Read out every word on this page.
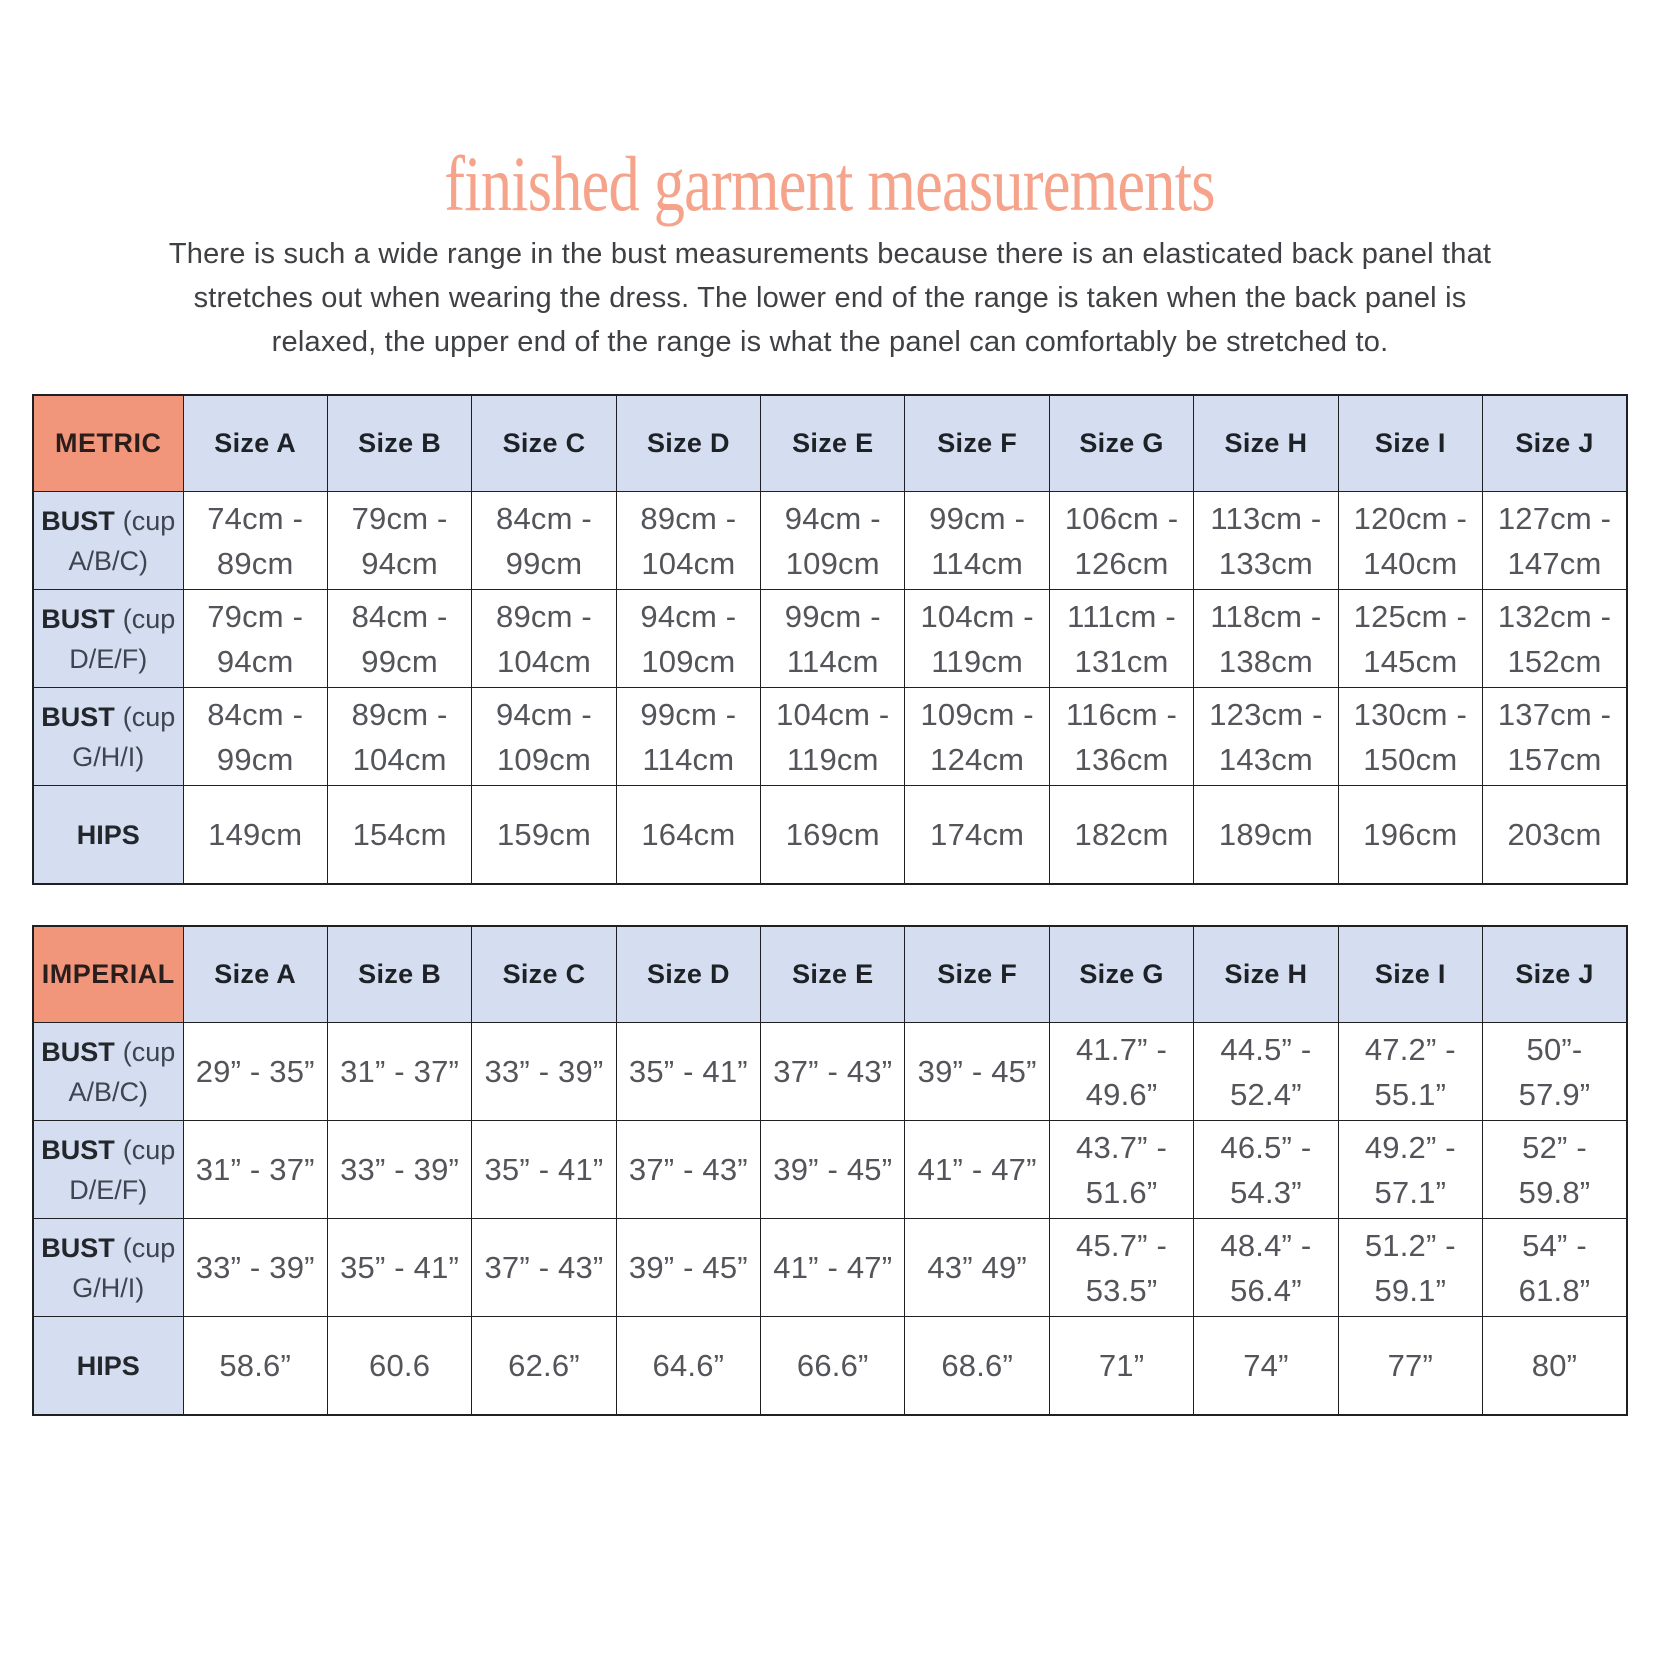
finished garment measurements
There is such a wide range in the bust measurements because there is an elasticated back panel that
stretches out when wearing the dress. The lower end of the range is taken when the back panel is
relaxed, the upper end of the range is what the panel can comfortably be stretched to.
METRIC	Size A	Size B	Size C	Size D	Size E	Size F	Size G	Size H	Size I	Size J
BUST (cup
A/B/C)	74cm -
89cm	79cm -
94cm	84cm -
99cm	89cm -
104cm	94cm -
109cm	99cm -
114cm	106cm -
126cm	113cm -
133cm	120cm -
140cm	127cm -
147cm
BUST (cup
D/E/F)	79cm -
94cm	84cm -
99cm	89cm -
104cm	94cm -
109cm	99cm -
114cm	104cm -
119cm	111cm -
131cm	118cm -
138cm	125cm -
145cm	132cm -
152cm
BUST (cup
G/H/I)	84cm -
99cm	89cm -
104cm	94cm -
109cm	99cm -
114cm	104cm -
119cm	109cm -
124cm	116cm -
136cm	123cm -
143cm	130cm -
150cm	137cm -
157cm
HIPS	149cm	154cm	159cm	164cm	169cm	174cm	182cm	189cm	196cm	203cm
IMPERIAL	Size A	Size B	Size C	Size D	Size E	Size F	Size G	Size H	Size I	Size J
BUST (cup
A/B/C)	29” - 35”	31” - 37”	33” - 39”	35” - 41”	37” - 43”	39” - 45”	41.7” -
49.6”	44.5” -
52.4”	47.2” -
55.1”	50”-
57.9”
BUST (cup
D/E/F)	31” - 37”	33” - 39”	35” - 41”	37” - 43”	39” - 45”	41” - 47”	43.7” -
51.6”	46.5” -
54.3”	49.2” -
57.1”	52” -
59.8”
BUST (cup
G/H/I)	33” - 39”	35” - 41”	37” - 43”	39” - 45”	41” - 47”	43” 49”	45.7” -
53.5”	48.4” -
56.4”	51.2” -
59.1”	54” -
61.8”
HIPS	58.6”	60.6	62.6”	64.6”	66.6”	68.6”	71”	74”	77”	80”
